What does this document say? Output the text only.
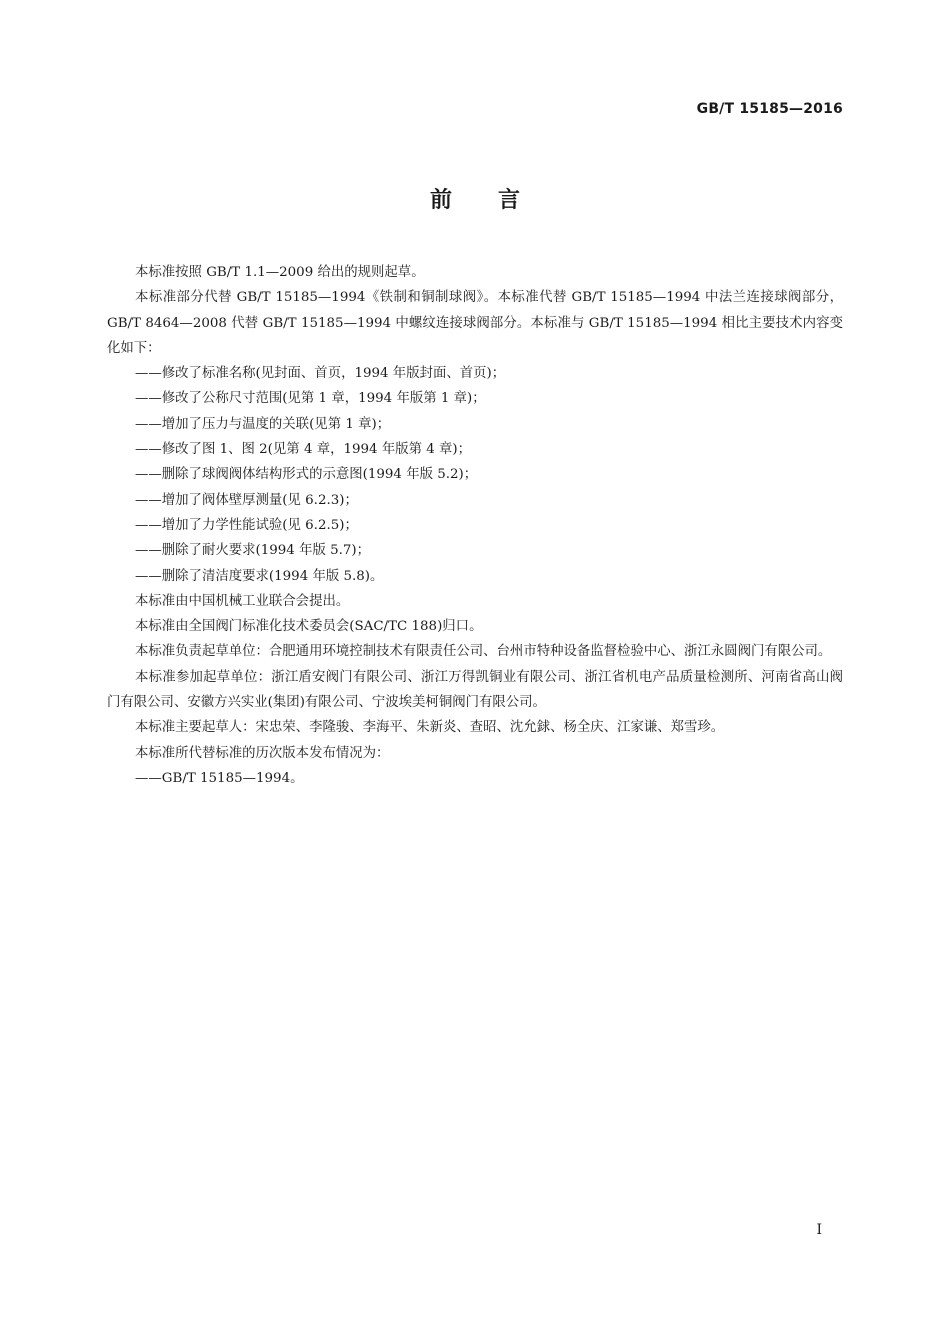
GB/T 15185—2016
前言

本标准按照 GB/T 1.1—2009 给出的规则起草。

本标准部分代替 GB/T 15185—1994《铁制和铜制球阀》。本标准代替 GB/T 15185—1994 中法兰连接球阀部分，GB/T 8464—2008 代替 GB/T 15185—1994 中螺纹连接球阀部分。本标准与 GB/T 15185—1994 相比主要技术内容变化如下：

——修改了标准名称(见封面、首页，1994 年版封面、首页)；

——修改了公称尺寸范围(见第 1 章，1994 年版第 1 章)；

——增加了压力与温度的关联(见第 1 章)；

——修改了图 1、图 2(见第 4 章，1994 年版第 4 章)；

——删除了球阀阀体结构形式的示意图(1994 年版 5.2)；

——增加了阀体壁厚测量(见 6.2.3)；

——增加了力学性能试验(见 6.2.5)；

——删除了耐火要求(1994 年版 5.7)；

——删除了清洁度要求(1994 年版 5.8)。

本标准由中国机械工业联合会提出。

本标准由全国阀门标准化技术委员会(SAC/TC 188)归口。

本标准负责起草单位：合肥通用环境控制技术有限责任公司、台州市特种设备监督检验中心、浙江永圆阀门有限公司。

本标准参加起草单位：浙江盾安阀门有限公司、浙江万得凯铜业有限公司、浙江省机电产品质量检测所、河南省高山阀门有限公司、安徽方兴实业(集团)有限公司、宁波埃美柯铜阀门有限公司。

本标准主要起草人：宋忠荣、李隆骏、李海平、朱新炎、查昭、沈允銶、杨全庆、江家谦、郑雪珍。

本标准所代替标准的历次版本发布情况为：

——GB/T 15185—1994。

I
